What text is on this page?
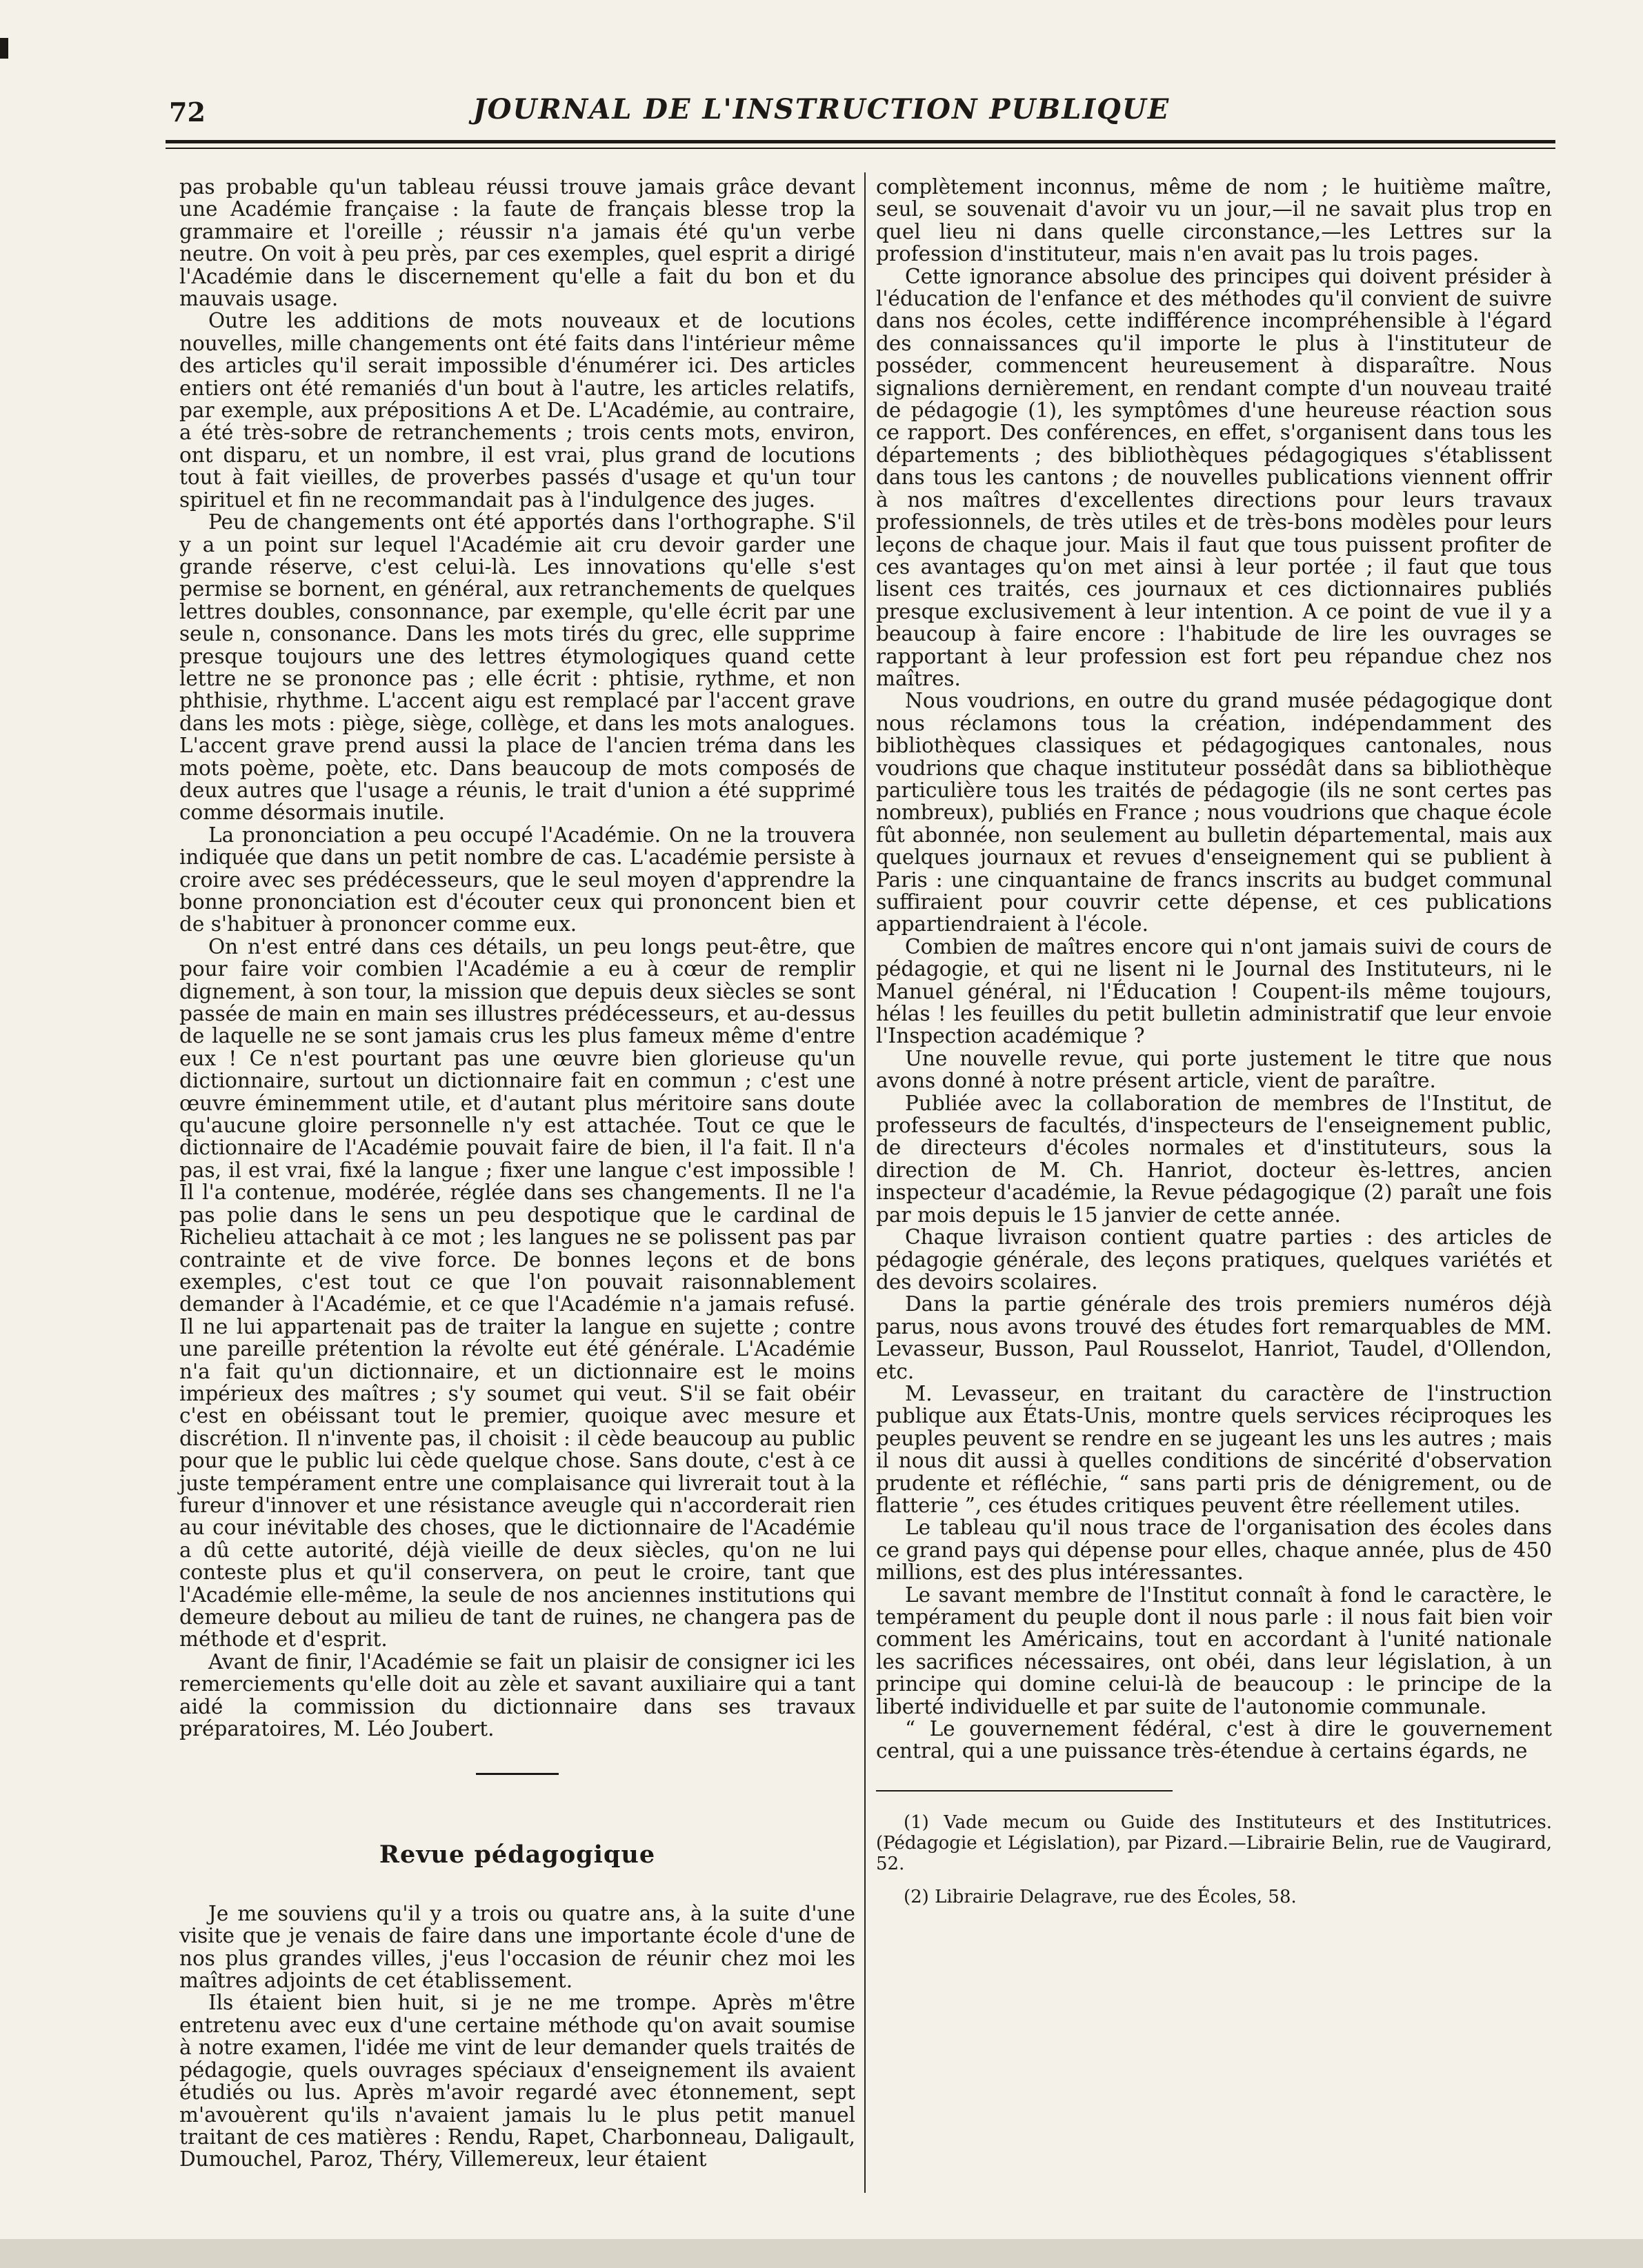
72	JOURNAL DE L'INSTRUCTION PUBLIQUE

pas probable qu'un tableau réussi trouve jamais grâce devant une Académie française : la faute de français blesse trop la grammaire et l'oreille ; réussir n'a jamais été qu'un verbe neutre. On voit à peu près, par ces exemples, quel esprit a dirigé l'Académie dans le discernement qu'elle a fait du bon et du mauvais usage.

Outre les additions de mots nouveaux et de locutions nouvelles, mille changements ont été faits dans l'intérieur même des articles qu'il serait impossible d'énumérer ici. Des articles entiers ont été remaniés d'un bout à l'autre, les articles relatifs, par exemple, aux prépositions A et De. L'Académie, au contraire, a été très-sobre de retranchements ; trois cents mots, environ, ont disparu, et un nombre, il est vrai, plus grand de locutions tout à fait vieilles, de proverbes passés d'usage et qu'un tour spirituel et fin ne recommandait pas à l'indulgence des juges.

Peu de changements ont été apportés dans l'orthographe. S'il y a un point sur lequel l'Académie ait cru devoir garder une grande réserve, c'est celui-là. Les innovations qu'elle s'est permise se bornent, en général, aux retranchements de quelques lettres doubles, consonnance, par exemple, qu'elle écrit par une seule n, consonance. Dans les mots tirés du grec, elle supprime presque toujours une des lettres étymologiques quand cette lettre ne se prononce pas ; elle écrit : phtisie, rythme, et non phthisie, rhythme. L'accent aigu est remplacé par l'accent grave dans les mots : piège, siège, collège, et dans les mots analogues. L'accent grave prend aussi la place de l'ancien tréma dans les mots poème, poète, etc. Dans beaucoup de mots composés de deux autres que l'usage a réunis, le trait d'union a été supprimé comme désormais inutile.

La prononciation a peu occupé l'Académie. On ne la trouvera indiquée que dans un petit nombre de cas. L'académie persiste à croire avec ses prédécesseurs, que le seul moyen d'apprendre la bonne prononciation est d'écouter ceux qui prononcent bien et de s'habituer à prononcer comme eux.

On n'est entré dans ces détails, un peu longs peut-être, que pour faire voir combien l'Académie a eu à cœur de remplir dignement, à son tour, la mission que depuis deux siècles se sont passée de main en main ses illustres prédécesseurs, et au-dessus de laquelle ne se sont jamais crus les plus fameux même d'entre eux ! Ce n'est pourtant pas une œuvre bien glorieuse qu'un dictionnaire, surtout un dictionnaire fait en commun ; c'est une œuvre éminemment utile, et d'autant plus méritoire sans doute qu'aucune gloire personnelle n'y est attachée. Tout ce que le dictionnaire de l'Académie pouvait faire de bien, il l'a fait. Il n'a pas, il est vrai, fixé la langue ; fixer une langue c'est impossible ! Il l'a contenue, modérée, réglée dans ses changements. Il ne l'a pas polie dans le sens un peu despotique que le cardinal de Richelieu attachait à ce mot ; les langues ne se polissent pas par contrainte et de vive force. De bonnes leçons et de bons exemples, c'est tout ce que l'on pouvait raisonnablement demander à l'Académie, et ce que l'Académie n'a jamais refusé. Il ne lui appartenait pas de traiter la langue en sujette ; contre une pareille prétention la révolte eut été générale. L'Académie n'a fait qu'un dictionnaire, et un dictionnaire est le moins impérieux des maîtres ; s'y soumet qui veut. S'il se fait obéir c'est en obéissant tout le premier, quoique avec mesure et discrétion. Il n'invente pas, il choisit : il cède beaucoup au public pour que le public lui cède quelque chose. Sans doute, c'est à ce juste tempérament entre une complaisance qui livrerait tout à la fureur d'innover et une résistance aveugle qui n'accorderait rien au cour inévitable des choses, que le dictionnaire de l'Académie a dû cette autorité, déjà vieille de deux siècles, qu'on ne lui conteste plus et qu'il conservera, on peut le croire, tant que l'Académie elle-même, la seule de nos anciennes institutions qui demeure debout au milieu de tant de ruines, ne changera pas de méthode et d'esprit.

Avant de finir, l'Académie se fait un plaisir de consigner ici les remerciements qu'elle doit au zèle et savant auxiliaire qui a tant aidé la commission du dictionnaire dans ses travaux préparatoires, M. Léo Joubert.

Revue pédagogique

Je me souviens qu'il y a trois ou quatre ans, à la suite d'une visite que je venais de faire dans une importante école d'une de nos plus grandes villes, j'eus l'occasion de réunir chez moi les maîtres adjoints de cet établissement.

Ils étaient bien huit, si je ne me trompe. Après m'être entretenu avec eux d'une certaine méthode qu'on avait soumise à notre examen, l'idée me vint de leur demander quels traités de pédagogie, quels ouvrages spéciaux d'enseignement ils avaient étudiés ou lus. Après m'avoir regardé avec étonnement, sept m'avouèrent qu'ils n'avaient jamais lu le plus petit manuel traitant de ces matières : Rendu, Rapet, Charbonneau, Daligault, Dumouchel, Paroz, Théry, Villemereux, leur étaient

complètement inconnus, même de nom ; le huitième maître, seul, se souvenait d'avoir vu un jour,—il ne savait plus trop en quel lieu ni dans quelle circonstance,—les Lettres sur la profession d'instituteur, mais n'en avait pas lu trois pages.

Cette ignorance absolue des principes qui doivent présider à l'éducation de l'enfance et des méthodes qu'il convient de suivre dans nos écoles, cette indifférence incompréhensible à l'égard des connaissances qu'il importe le plus à l'instituteur de posséder, commencent heureusement à disparaître. Nous signalions dernièrement, en rendant compte d'un nouveau traité de pédagogie (1), les symptômes d'une heureuse réaction sous ce rapport. Des conférences, en effet, s'organisent dans tous les départements ; des bibliothèques pédagogiques s'établissent dans tous les cantons ; de nouvelles publications viennent offrir à nos maîtres d'excellentes directions pour leurs travaux professionnels, de très utiles et de très-bons modèles pour leurs leçons de chaque jour. Mais il faut que tous puissent profiter de ces avantages qu'on met ainsi à leur portée ; il faut que tous lisent ces traités, ces journaux et ces dictionnaires publiés presque exclusivement à leur intention. A ce point de vue il y a beaucoup à faire encore : l'habitude de lire les ouvrages se rapportant à leur profession est fort peu répandue chez nos maîtres.

Nous voudrions, en outre du grand musée pédagogique dont nous réclamons tous la création, indépendamment des bibliothèques classiques et pédagogiques cantonales, nous voudrions que chaque instituteur possédât dans sa bibliothèque particulière tous les traités de pédagogie (ils ne sont certes pas nombreux), publiés en France ; nous voudrions que chaque école fût abonnée, non seulement au bulletin départemental, mais aux quelques journaux et revues d'enseignement qui se publient à Paris : une cinquantaine de francs inscrits au budget communal suffiraient pour couvrir cette dépense, et ces publications appartiendraient à l'école.

Combien de maîtres encore qui n'ont jamais suivi de cours de pédagogie, et qui ne lisent ni le Journal des Instituteurs, ni le Manuel général, ni l'Éducation ! Coupent-ils même toujours, hélas ! les feuilles du petit bulletin administratif que leur envoie l'Inspection académique ?

Une nouvelle revue, qui porte justement le titre que nous avons donné à notre présent article, vient de paraître.

Publiée avec la collaboration de membres de l'Institut, de professeurs de facultés, d'inspecteurs de l'enseignement public, de directeurs d'écoles normales et d'instituteurs, sous la direction de M. Ch. Hanriot, docteur ès-lettres, ancien inspecteur d'académie, la Revue pédagogique (2) paraît une fois par mois depuis le 15 janvier de cette année.

Chaque livraison contient quatre parties : des articles de pédagogie générale, des leçons pratiques, quelques variétés et des devoirs scolaires.

Dans la partie générale des trois premiers numéros déjà parus, nous avons trouvé des études fort remarquables de MM. Levasseur, Busson, Paul Rousselot, Hanriot, Taudel, d'Ollendon, etc.

M. Levasseur, en traitant du caractère de l'instruction publique aux États-Unis, montre quels services réciproques les peuples peuvent se rendre en se jugeant les uns les autres ; mais il nous dit aussi à quelles conditions de sincérité d'observation prudente et réfléchie, “ sans parti pris de dénigrement, ou de flatterie ”, ces études critiques peuvent être réellement utiles.

Le tableau qu'il nous trace de l'organisation des écoles dans ce grand pays qui dépense pour elles, chaque année, plus de 450 millions, est des plus intéressantes.

Le savant membre de l'Institut connaît à fond le caractère, le tempérament du peuple dont il nous parle : il nous fait bien voir comment les Américains, tout en accordant à l'unité nationale les sacrifices nécessaires, ont obéi, dans leur législation, à un principe qui domine celui-là de beaucoup : le principe de la liberté individuelle et par suite de l'autonomie communale.

“ Le gouvernement fédéral, c'est à dire le gouvernement central, qui a une puissance très-étendue à certains égards, ne

(1) Vade mecum ou Guide des Instituteurs et des Institutrices. (Pédagogie et Législation), par Pizard.—Librairie Belin, rue de Vaugirard, 52.
(2) Librairie Delagrave, rue des Écoles, 58.
